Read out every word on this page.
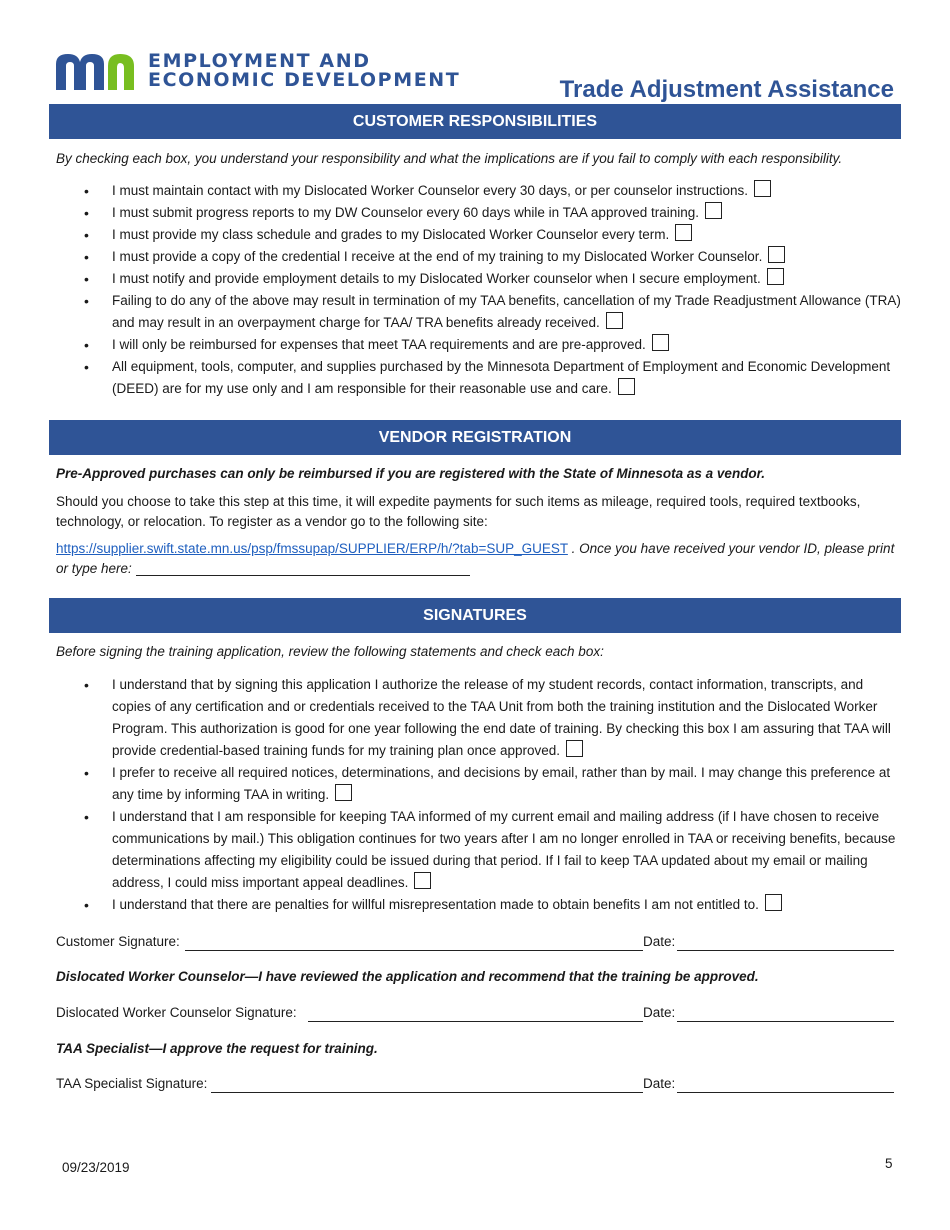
EMPLOYMENT AND
ECONOMIC DEVELOPMENT	Trade Adjustment Assistance
CUSTOMER RESPONSIBILITIES
By checking each box, you understand your responsibility and what the implications are if you fail to comply with each responsibility.
• I must maintain contact with my Dislocated Worker Counselor every 30 days, or per counselor instructions.
• I must submit progress reports to my DW Counselor every 60 days while in TAA approved training.
• I must provide my class schedule and grades to my Dislocated Worker Counselor every term.
• I must provide a copy of the credential I receive at the end of my training to my Dislocated Worker Counselor.
• I must notify and provide employment details to my Dislocated Worker counselor when I secure employment.
• Failing to do any of the above may result in termination of my TAA benefits, cancellation of my Trade Readjustment Allowance (TRA) and may result in an overpayment charge for TAA/ TRA benefits already received.
• I will only be reimbursed for expenses that meet TAA requirements and are pre-approved.
• All equipment, tools, computer, and supplies purchased by the Minnesota Department of Employment and Economic Development (DEED) are for my use only and I am responsible for their reasonable use and care.
VENDOR REGISTRATION
Pre-Approved purchases can only be reimbursed if you are registered with the State of Minnesota as a vendor.
Should you choose to take this step at this time, it will expedite payments for such items as mileage, required tools, required textbooks, technology, or relocation. To register as a vendor go to the following site:
https://supplier.swift.state.mn.us/psp/fmssupap/SUPPLIER/ERP/h/?tab=SUP_GUEST . Once you have received your vendor ID, please print or type here:
SIGNATURES
Before signing the training application, review the following statements and check each box:
• I understand that by signing this application I authorize the release of my student records, contact information, transcripts, and copies of any certification and or credentials received to the TAA Unit from both the training institution and the Dislocated Worker Program. This authorization is good for one year following the end date of training. By checking this box I am assuring that TAA will provide credential-based training funds for my training plan once approved.
• I prefer to receive all required notices, determinations, and decisions by email, rather than by mail. I may change this preference at any time by informing TAA in writing.
• I understand that I am responsible for keeping TAA informed of my current email and mailing address (if I have chosen to receive communications by mail.) This obligation continues for two years after I am no longer enrolled in TAA or receiving benefits, because determinations affecting my eligibility could be issued during that period. If I fail to keep TAA updated about my email or mailing address, I could miss important appeal deadlines.
• I understand that there are penalties for willful misrepresentation made to obtain benefits I am not entitled to.
Customer Signature:	Date:
Dislocated Worker Counselor—I have reviewed the application and recommend that the training be approved.
Dislocated Worker Counselor Signature:	Date:
TAA Specialist—I approve the request for training.
TAA Specialist Signature:	Date:
09/23/2019	5
